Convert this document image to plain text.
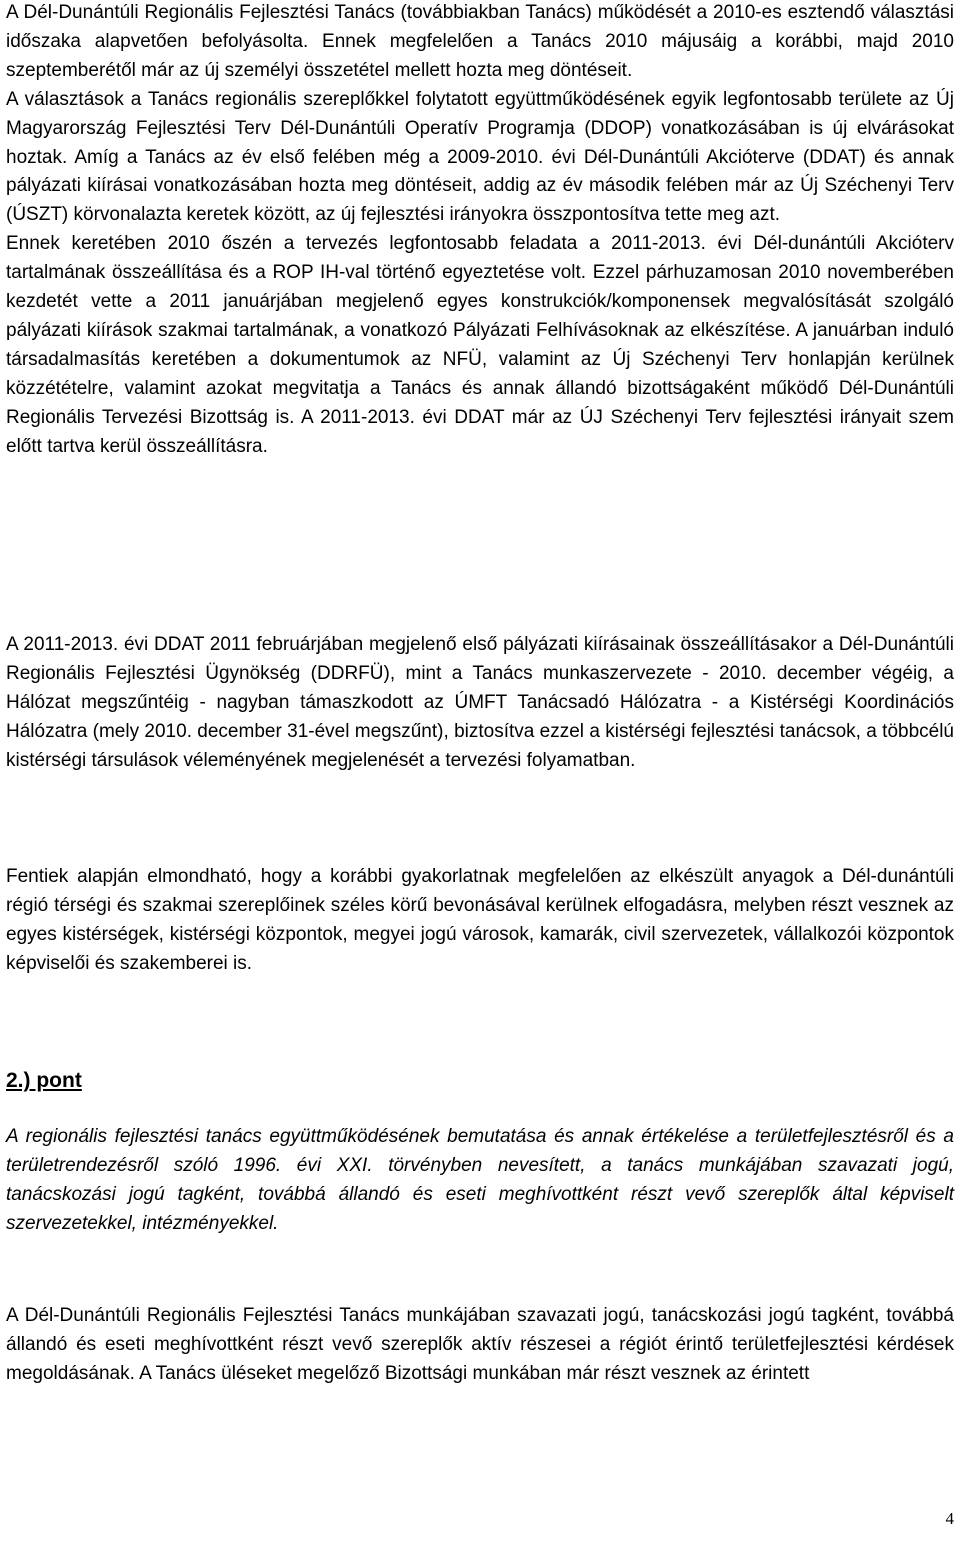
A Dél-Dunántúli Regionális Fejlesztési Tanács (továbbiakban Tanács) működését a 2010-es esztendő választási időszaka alapvetően befolyásolta. Ennek megfelelően a Tanács 2010 májusáig a korábbi, majd 2010 szeptemberétől már az új személyi összetétel mellett hozta meg döntéseit.

A választások a Tanács regionális szereplőkkel folytatott együttműködésének egyik legfontosabb területe az Új Magyarország Fejlesztési Terv Dél-Dunántúli Operatív Programja (DDOP) vonatkozásában is új elvárásokat hoztak. Amíg a Tanács az év első felében még a 2009-2010. évi Dél-Dunántúli Akcióterve (DDAT) és annak pályázati kiírásai vonatkozásában hozta meg döntéseit, addig az év második felében már az Új Széchenyi Terv (ÚSZT) körvonalazta keretek között, az új fejlesztési irányokra összpontosítva tette meg azt.

Ennek keretében 2010 őszén a tervezés legfontosabb feladata a 2011-2013. évi Dél-dunántúli Akcióterv tartalmának összeállítása és a ROP IH-val történő egyeztetése volt. Ezzel párhuzamosan 2010 novemberében kezdetét vette a 2011 januárjában megjelenő egyes konstrukciók/komponensek megvalósítását szolgáló pályázati kiírások szakmai tartalmának, a vonatkozó Pályázati Felhívásoknak az elkészítése. A januárban induló társadalmasítás keretében a dokumentumok az NFÜ, valamint az Új Széchenyi Terv honlapján kerülnek közzétételre, valamint azokat megvitatja a Tanács és annak állandó bizottságaként működő Dél-Dunántúli Regionális Tervezési Bizottság is. A 2011-2013. évi DDAT már az ÚJ Széchenyi Terv fejlesztési irányait szem előtt tartva kerül összeállításra.

A 2011-2013. évi DDAT 2011 februárjában megjelenő első pályázati kiírásainak összeállításakor a Dél-Dunántúli Regionális Fejlesztési Ügynökség (DDRFÜ), mint a Tanács munkaszervezete - 2010. december végéig, a Hálózat megszűntéig - nagyban támaszkodott az ÚMFT Tanácsadó Hálózatra - a Kistérségi Koordinációs Hálózatra (mely 2010. december 31-ével megszűnt), biztosítva ezzel a kistérségi fejlesztési tanácsok, a többcélú kistérségi társulások véleményének megjelenését a tervezési folyamatban.

Fentiek alapján elmondható, hogy a korábbi gyakorlatnak megfelelően az elkészült anyagok a Dél-dunántúli régió térségi és szakmai szereplőinek széles körű bevonásával kerülnek elfogadásra, melyben részt vesznek az egyes kistérségek, kistérségi központok, megyei jogú városok, kamarák, civil szervezetek, vállalkozói központok képviselői és szakemberei is.

2.) pont

A regionális fejlesztési tanács együttműködésének bemutatása és annak értékelése a területfejlesztésről és a területrendezésről szóló 1996. évi XXI. törvényben nevesített, a tanács munkájában szavazati jogú, tanácskozási jogú tagként, továbbá állandó és eseti meghívottként részt vevő szereplők által képviselt szervezetekkel, intézményekkel.

A Dél-Dunántúli Regionális Fejlesztési Tanács munkájában szavazati jogú, tanácskozási jogú tagként, továbbá állandó és eseti meghívottként részt vevő szereplők aktív részesei a régiót érintő területfejlesztési kérdések megoldásának. A Tanács üléseket megelőző Bizottsági munkában már részt vesznek az érintett

4
